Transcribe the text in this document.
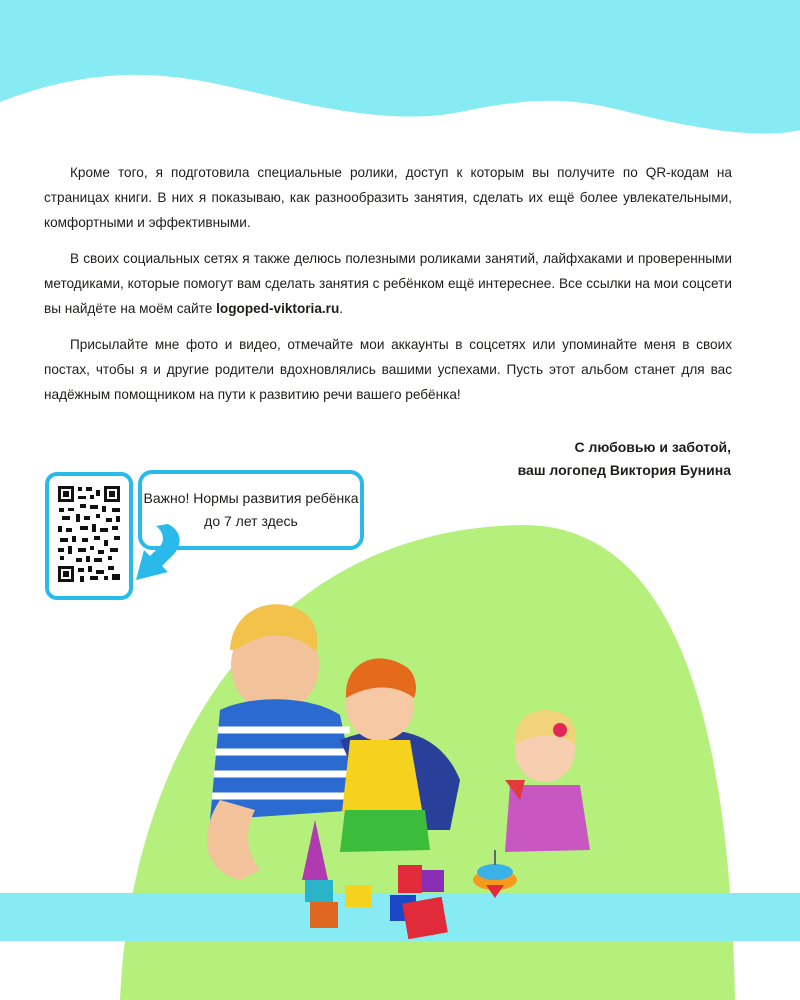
Кроме того, я подготовила специальные ролики, доступ к которым вы получите по QR-кодам на страницах книги. В них я показываю, как разнообразить занятия, сделать их ещё более увлекательными, комфортными и эффективными.

В своих социальных сетях я также делюсь полезными роликами занятий, лайфхаками и проверенными методиками, которые помогут вам сделать занятия с ребёнком ещё интереснее. Все ссылки на мои соцсети вы найдёте на моём сайте logoped-viktoria.ru.

Присылайте мне фото и видео, отмечайте мои аккаунты в соцсетях или упоминайте меня в своих постах, чтобы я и другие родители вдохновлялись вашими успехами. Пусть этот альбом станет для вас надёжным помощником на пути к развитию речи вашего ребёнка!

С любовью и заботой,
ваш логопед Виктория Бунина
Важно! Нормы развития ребёнка
до 7 лет здесь
